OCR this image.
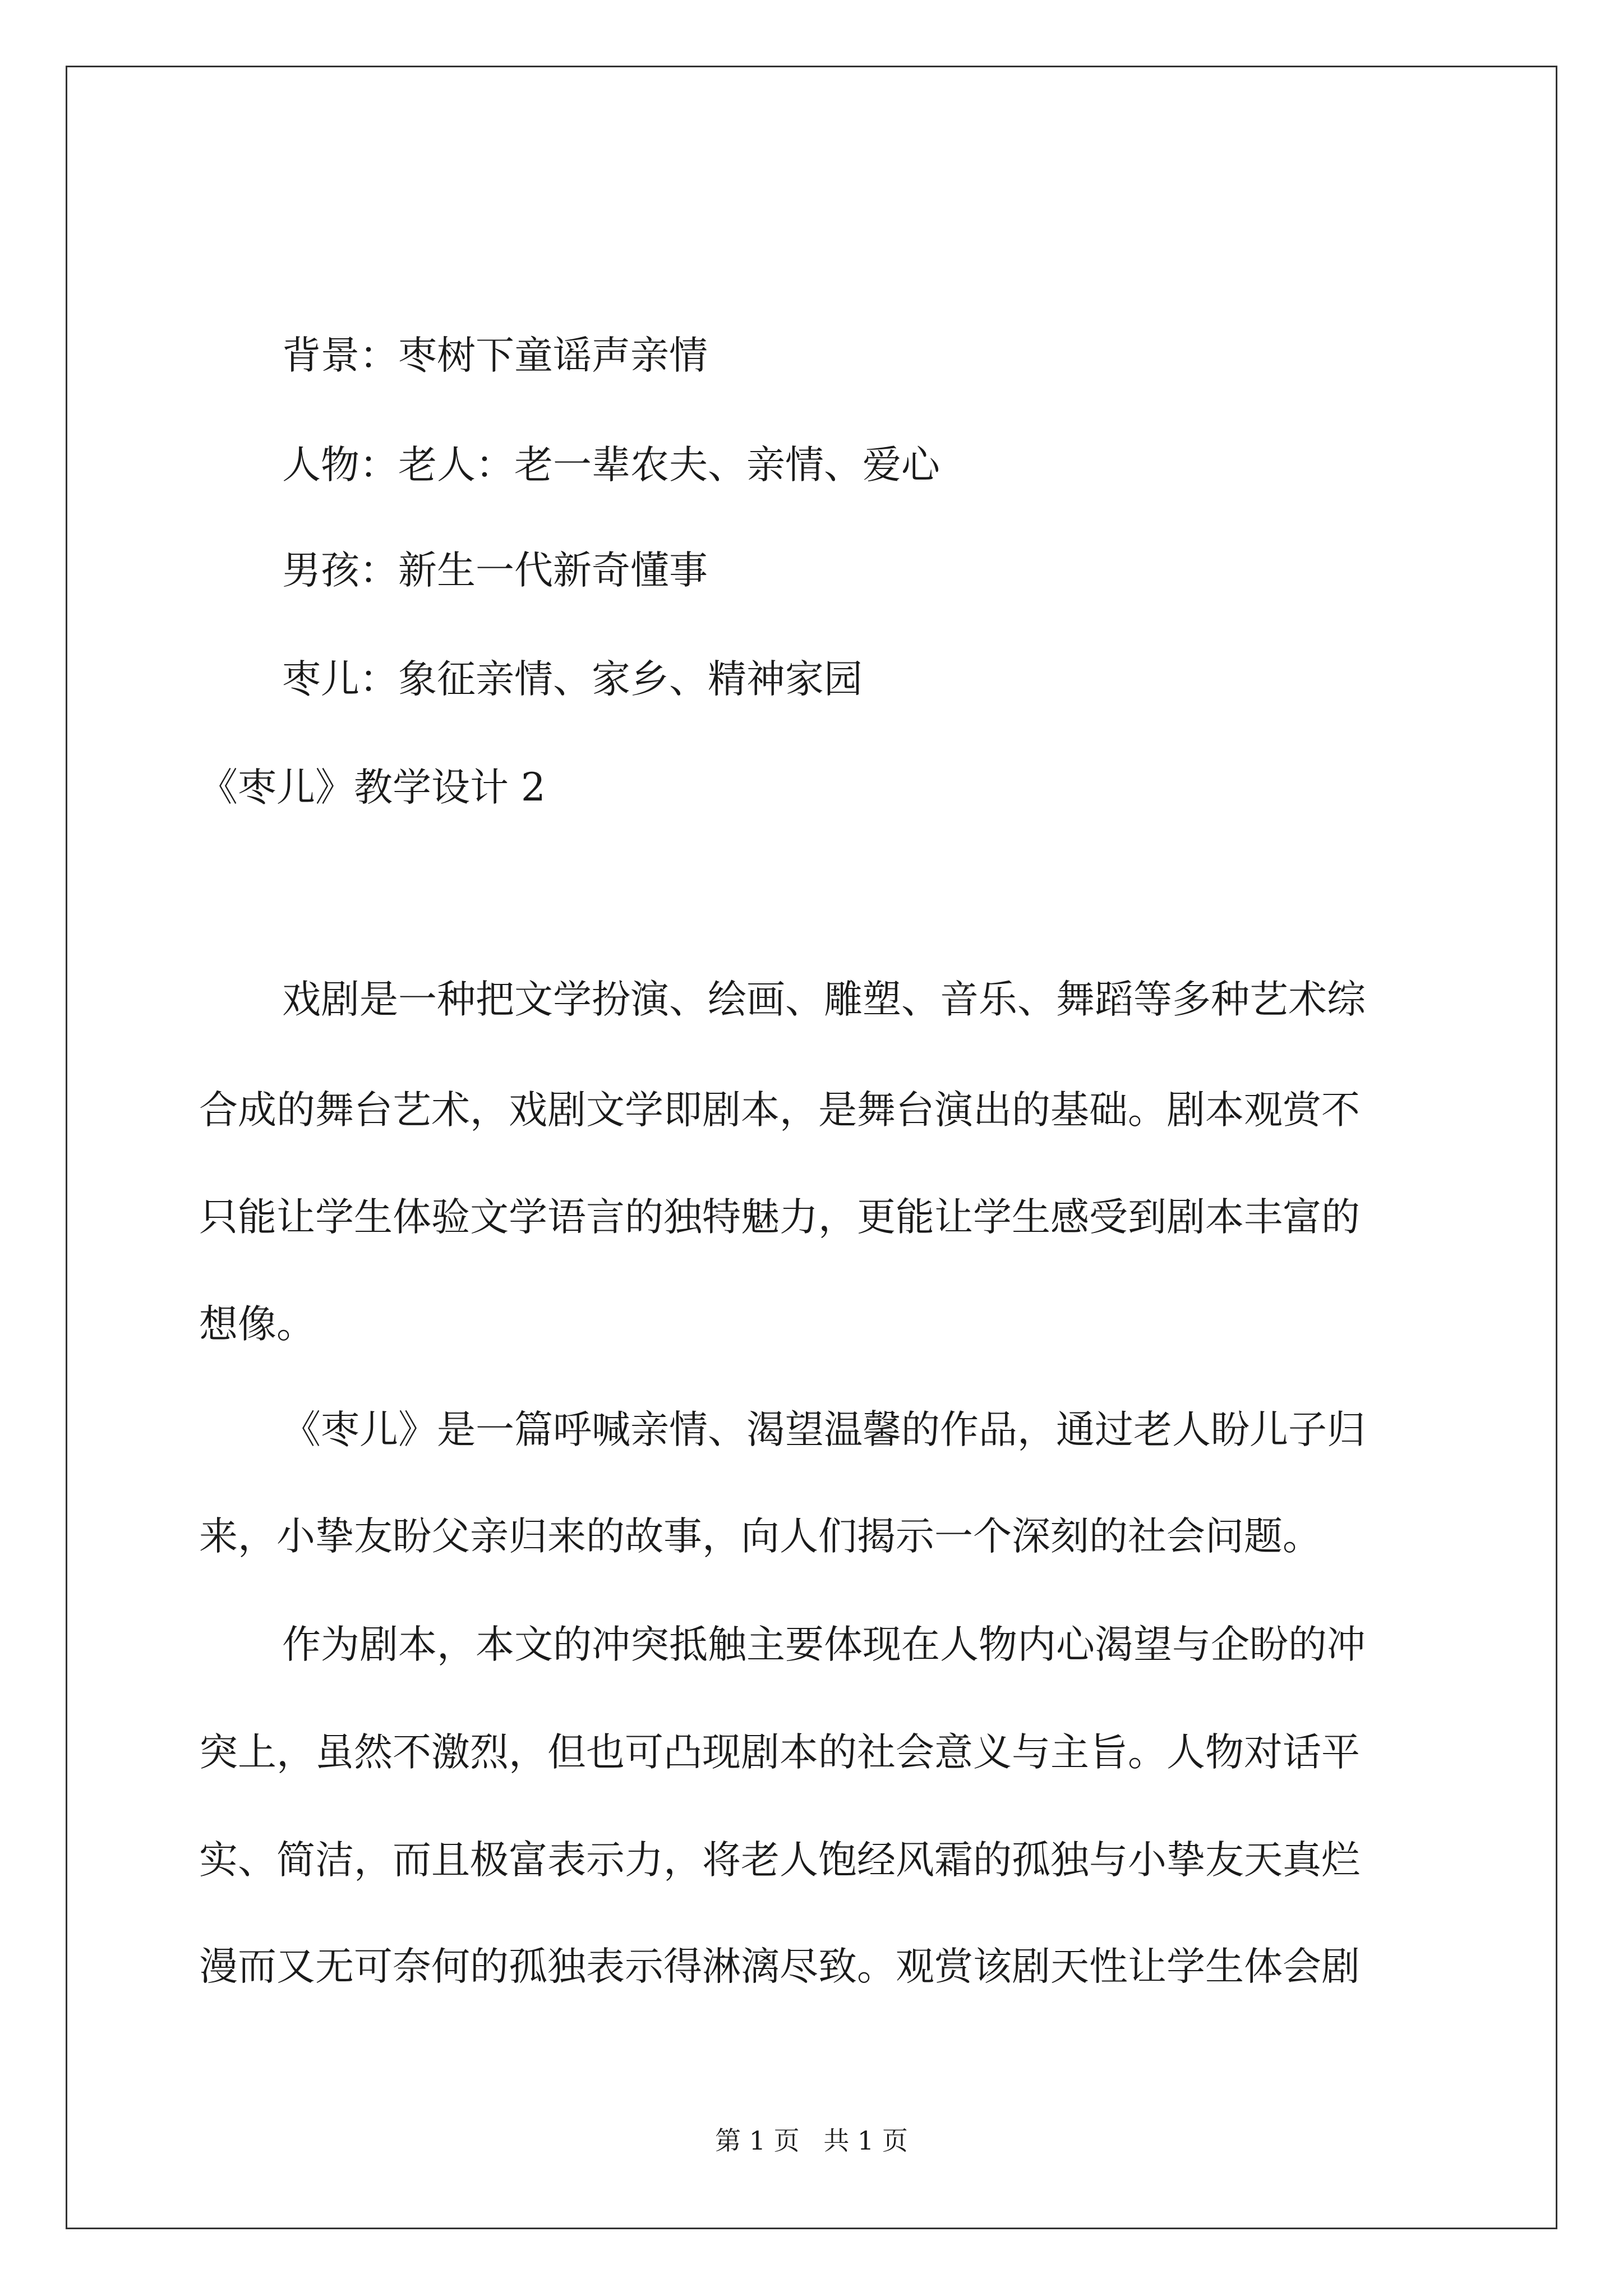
背景：枣树下童谣声亲情
人物：老人：老一辈农夫、亲情、爱心
男孩：新生一代新奇懂事
枣儿：象征亲情、家乡、精神家园
《枣儿》教学设计 2
戏剧是一种把文学扮演、绘画、雕塑、音乐、舞蹈等多种艺术综
合成的舞台艺术，戏剧文学即剧本，是舞台演出的基础。剧本观赏不
只能让学生体验文学语言的独特魅力，更能让学生感受到剧本丰富的
想像。
《枣儿》是一篇呼喊亲情、渴望温馨的作品，通过老人盼儿子归
来，小挚友盼父亲归来的故事，向人们揭示一个深刻的社会问题。
作为剧本，本文的冲突抵触主要体现在人物内心渴望与企盼的冲
突上，虽然不激烈，但也可凸现剧本的社会意义与主旨。人物对话平
实、简洁，而且极富表示力，将老人饱经风霜的孤独与小挚友天真烂
漫而又无可奈何的孤独表示得淋漓尽致。观赏该剧天性让学生体会剧
第 1 页 共 1 页
